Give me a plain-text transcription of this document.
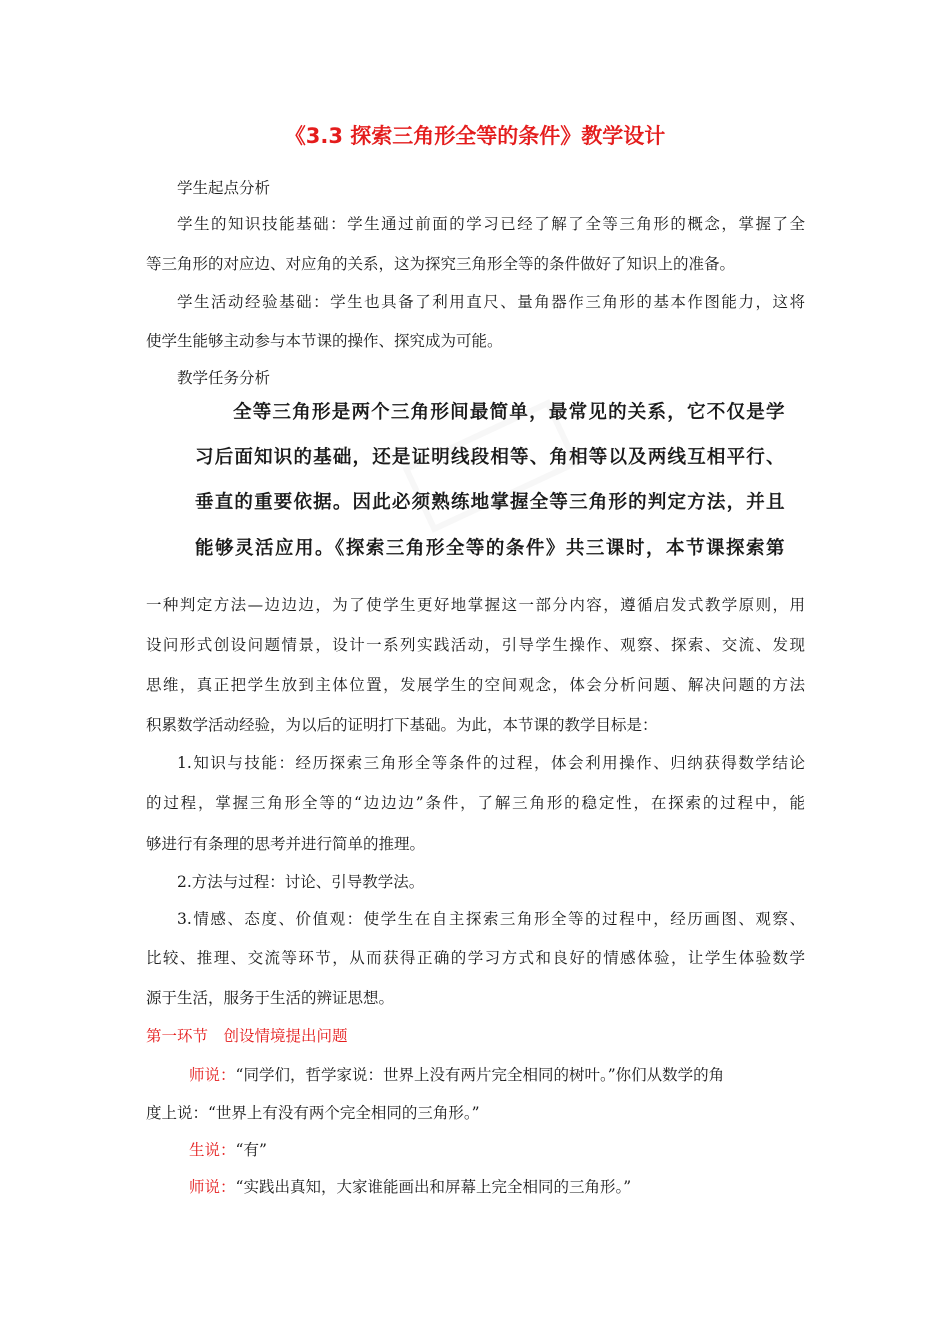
《3.3 探索三角形全等的条件》教学设计
学生起点分析
学生的知识技能基础：学生通过前面的学习已经了解了全等三角形的概念，掌握了全
等三角形的对应边、对应角的关系，这为探究三角形全等的条件做好了知识上的准备。
学生活动经验基础：学生也具备了利用直尺、量角器作三角形的基本作图能力，这将
使学生能够主动参与本节课的操作、探究成为可能。
教学任务分析
全等三角形是两个三角形间最简单，最常见的关系，它不仅是学
习后面知识的基础，还是证明线段相等、角相等以及两线互相平行、
垂直的重要依据。因此必须熟练地掌握全等三角形的判定方法，并且
能够灵活应用。《探索三角形全等的条件》共三课时，本节课探索第
一种判定方法—边边边，为了使学生更好地掌握这一部分内容，遵循启发式教学原则，用
设问形式创设问题情景，设计一系列实践活动，引导学生操作、观察、探索、交流、发现
思维，真正把学生放到主体位置，发展学生的空间观念，体会分析问题、解决问题的方法
积累数学活动经验，为以后的证明打下基础。为此，本节课的教学目标是：
1.知识与技能：经历探索三角形全等条件的过程，体会利用操作、归纳获得数学结论
的过程，掌握三角形全等的“边边边”条件，了解三角形的稳定性，在探索的过程中，能
够进行有条理的思考并进行简单的推理。
2.方法与过程：讨论、引导教学法。
3.情感、态度、价值观：使学生在自主探索三角形全等的过程中，经历画图、观察、
比较、推理、交流等环节，从而获得正确的学习方式和良好的情感体验，让学生体验数学
源于生活，服务于生活的辨证思想。
第一环节　创设情境提出问题
师说：“同学们，哲学家说：世界上没有两片完全相同的树叶。”你们从数学的角
度上说：“世界上有没有两个完全相同的三角形。”
生说：“有”
师说：“实践出真知，大家谁能画出和屏幕上完全相同的三角形。”
